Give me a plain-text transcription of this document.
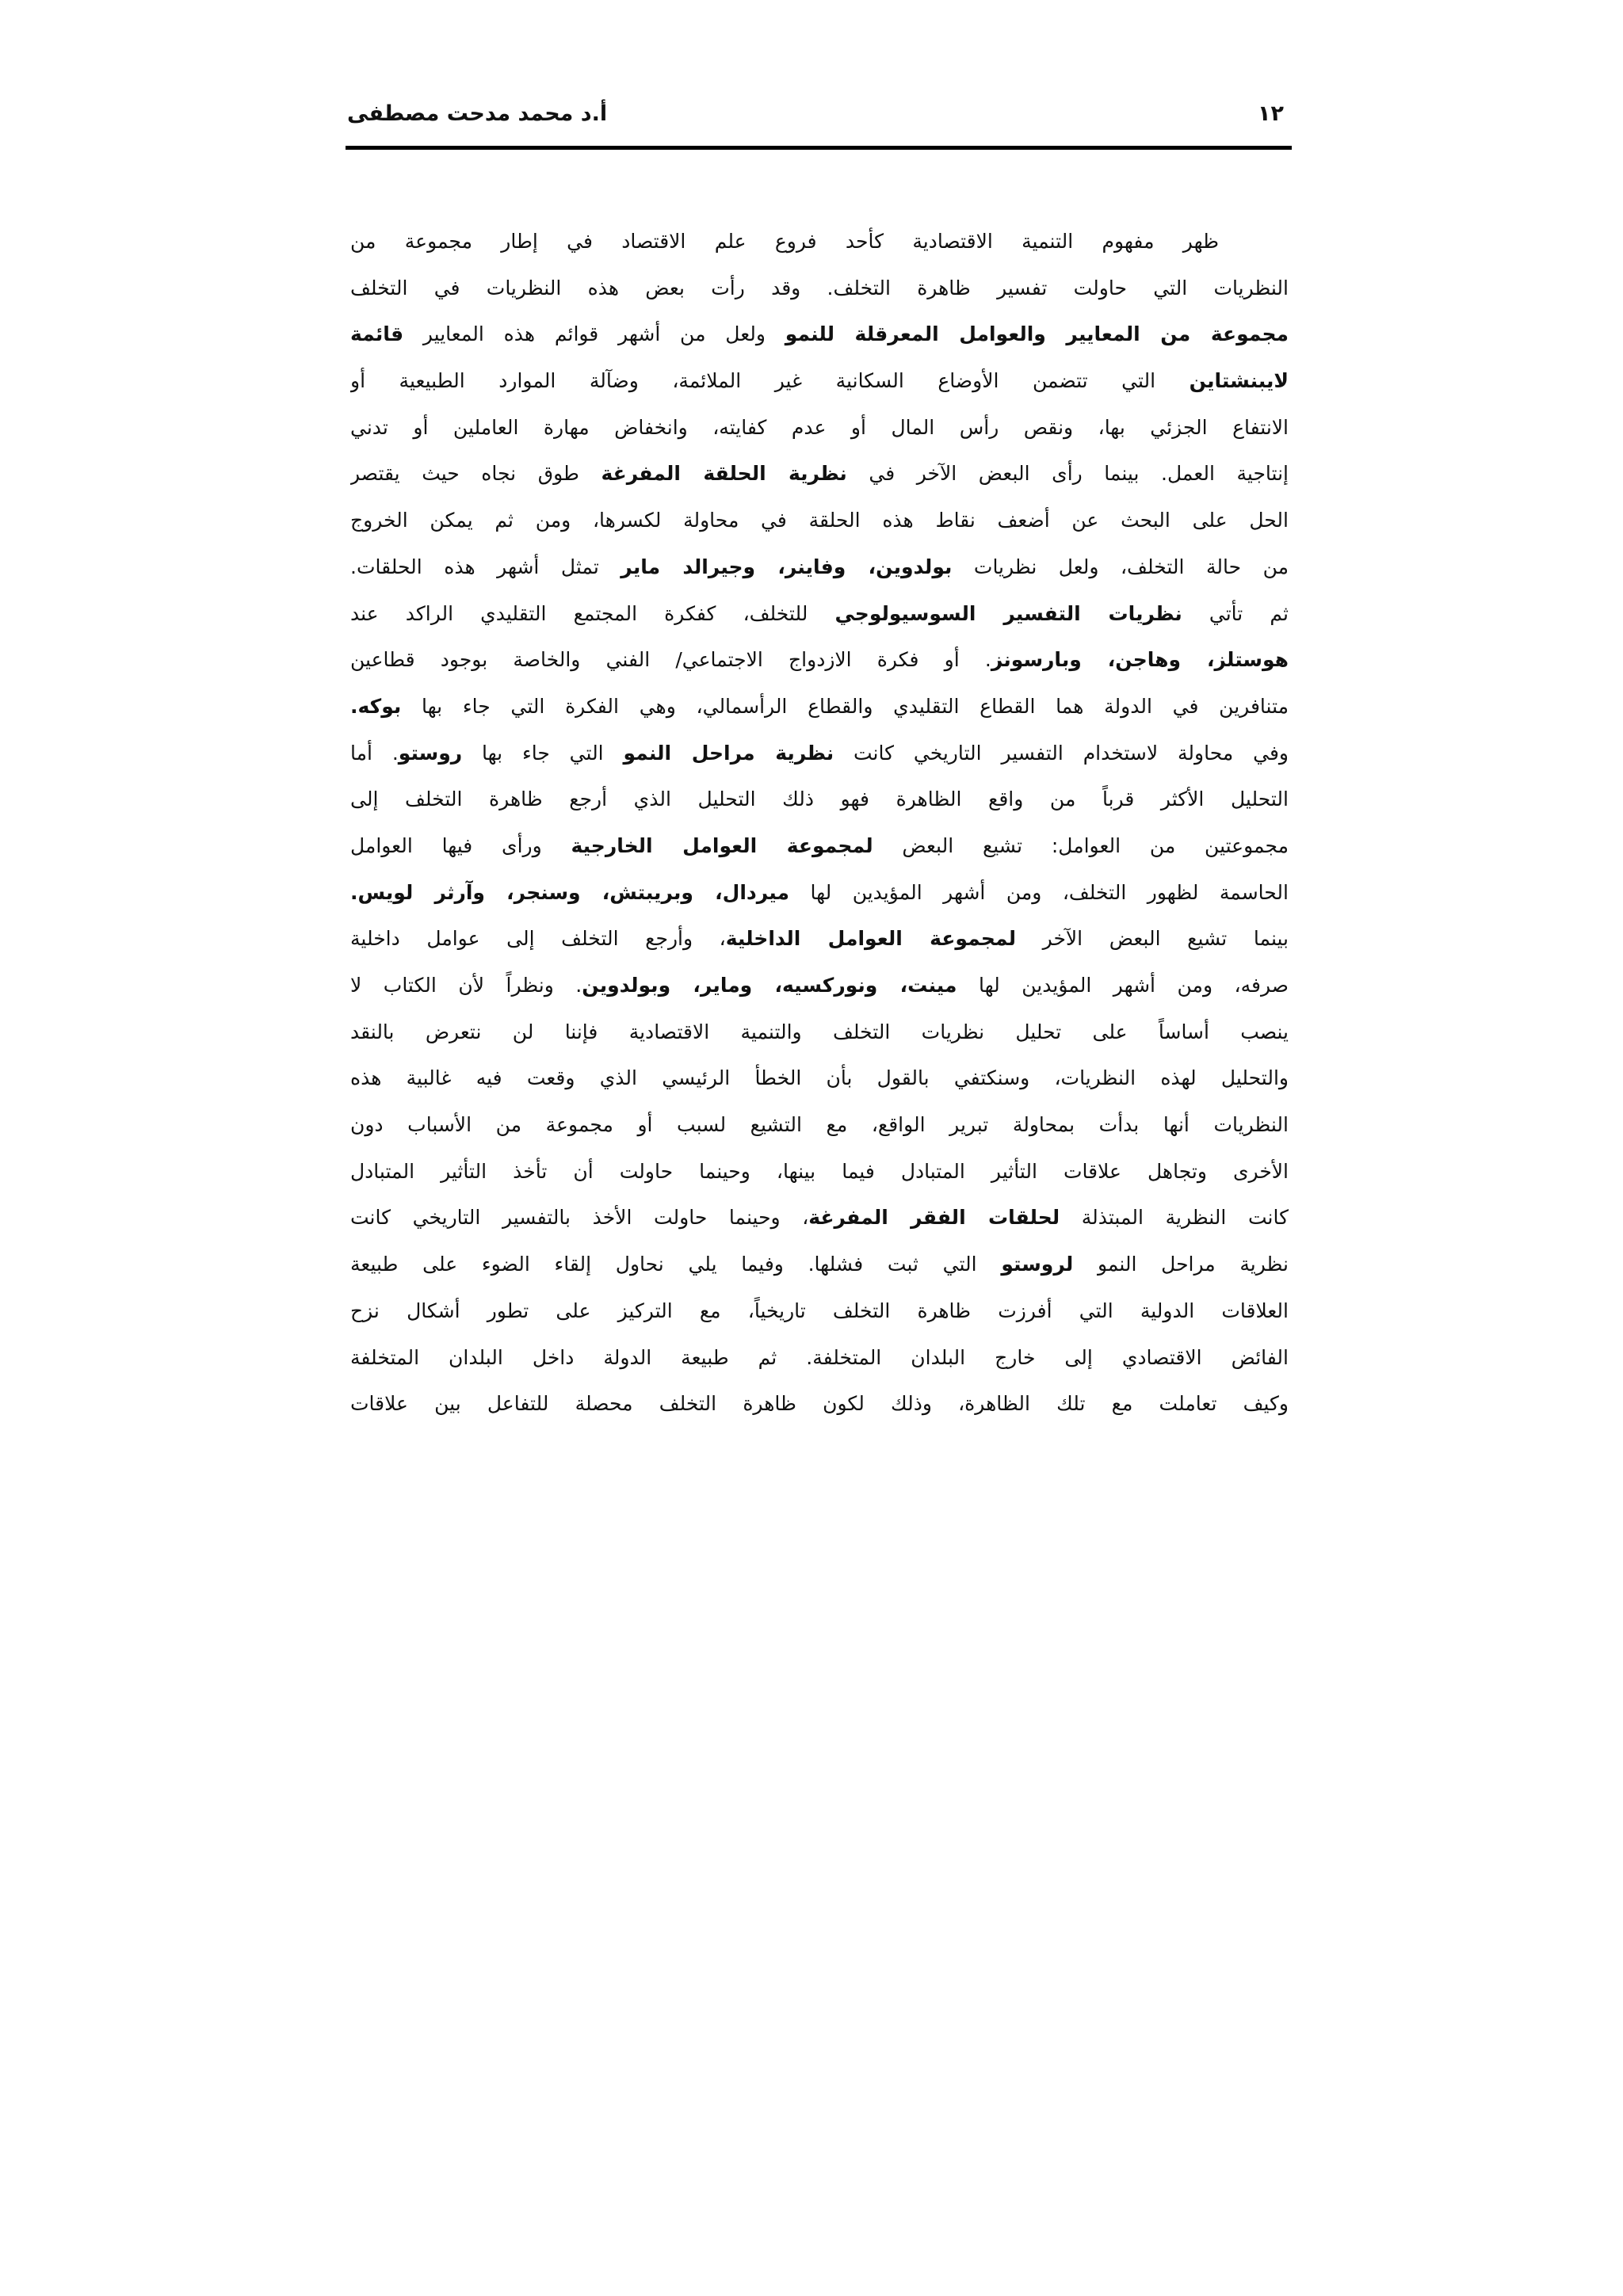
١٢
أ.د محمد مدحت مصطفى
ظهر مفهوم التنمية الاقتصادية كأحد فروع علم الاقتصاد في إطار مجموعة من
النظريات التي حاولت تفسير ظاهرة التخلف. وقد رأت بعض هذه النظريات في التخلف
مجموعة من المعايير والعوامل المعرقلة للنمو ولعل من أشهر قوائم هذه المعايير قائمة
لايبنشتاين التي تتضمن الأوضاع السكانية غير الملائمة، وضآلة الموارد الطبيعية أو
الانتفاع الجزئي بها، ونقص رأس المال أو عدم كفايته، وانخفاض مهارة العاملين أو تدني
إنتاجية العمل. بينما رأى البعض الآخر في نظرية الحلقة المفرغة طوق نجاه حيث يقتصر
الحل على البحث عن أضعف نقاط هذه الحلقة في محاولة لكسرها، ومن ثم يمكن الخروج
من حالة التخلف، ولعل نظريات بولدوين، وفاينر، وجيرالد ماير تمثل أشهر هذه الحلقات.
ثم تأتي نظريات التفسير السوسيولوجي للتخلف، كفكرة المجتمع التقليدي الراكد عند
هوستلز، وهاجن، وبارسونز. أو فكرة الازدواج الاجتماعي/ الفني والخاصة بوجود قطاعين
متنافرين في الدولة هما القطاع التقليدي والقطاع الرأسمالي، وهي الفكرة التي جاء بها بوكه.
وفي محاولة لاستخدام التفسير التاريخي كانت نظرية مراحل النمو التي جاء بها روستو. أما
التحليل الأكثر قرباً من واقع الظاهرة فهو ذلك التحليل الذي أرجع ظاهرة التخلف إلى
مجموعتين من العوامل: تشيع البعض لمجموعة العوامل الخارجية ورأى فيها العوامل
الحاسمة لظهور التخلف، ومن أشهر المؤيدين لها ميردال، وبريبتش، وسنجر، وآرثر لويس.
بينما تشيع البعض الآخر لمجموعة العوامل الداخلية، وأرجع التخلف إلى عوامل داخلية
صرفه، ومن أشهر المؤيدين لها مينت، ونوركسيه، وماير، وبولدوين. ونظراً لأن الكتاب لا
ينصب أساساً على تحليل نظريات التخلف والتنمية الاقتصادية فإننا لن نتعرض بالنقد
والتحليل لهذه النظريات، وسنكتفي بالقول بأن الخطأ الرئيسي الذي وقعت فيه غالبية هذه
النظريات أنها بدأت بمحاولة تبرير الواقع، مع التشيع لسبب أو مجموعة من الأسباب دون
الأخرى وتجاهل علاقات التأثير المتبادل فيما بينها، وحينما حاولت أن تأخذ التأثير المتبادل
كانت النظرية المبتذلة لحلقات الفقر المفرغة، وحينما حاولت الأخذ بالتفسير التاريخي كانت
نظرية مراحل النمو لروستو التي ثبت فشلها. وفيما يلي نحاول إلقاء الضوء على طبيعة
العلاقات الدولية التي أفرزت ظاهرة التخلف تاريخياً، مع التركيز على تطور أشكال نزح
الفائض الاقتصادي إلى خارج البلدان المتخلفة. ثم طبيعة الدولة داخل البلدان المتخلفة
وكيف تعاملت مع تلك الظاهرة، وذلك لكون ظاهرة التخلف محصلة للتفاعل بين علاقات
